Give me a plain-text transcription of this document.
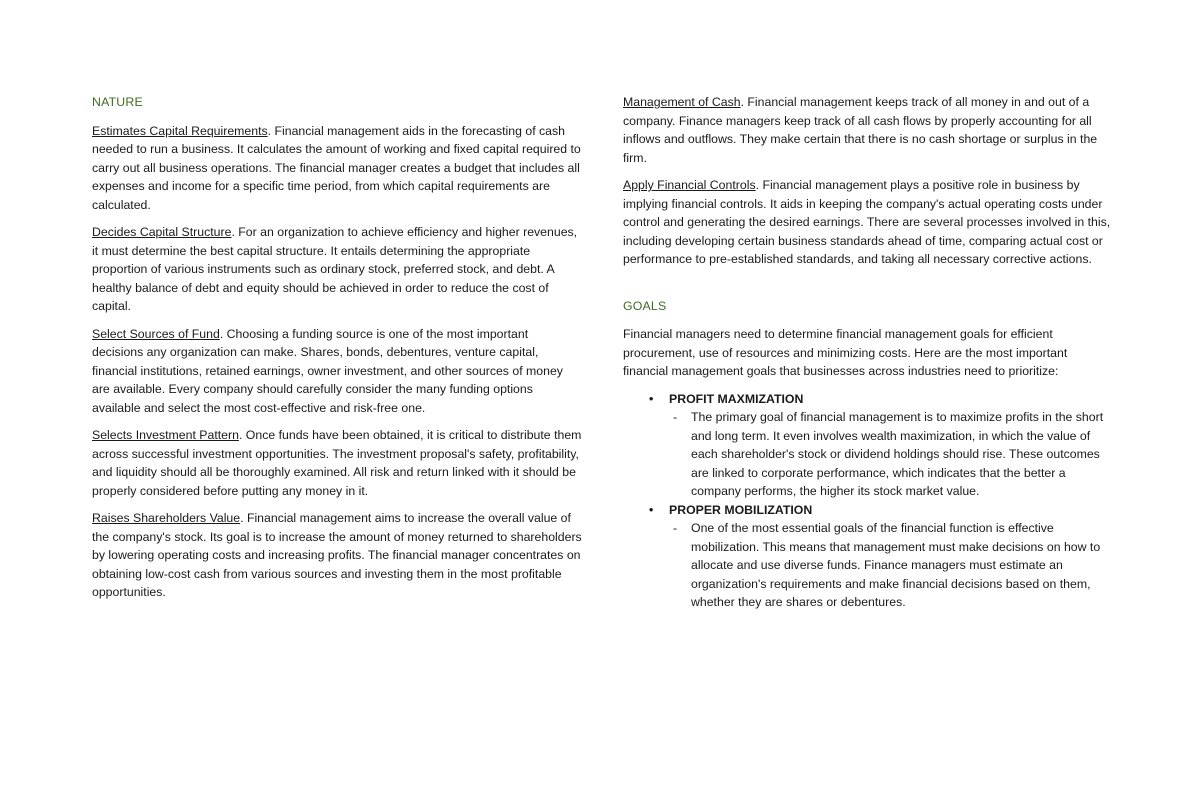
NATURE

Estimates Capital Requirements. Financial management aids in the forecasting of cash needed to run a business. It calculates the amount of working and fixed capital required to carry out all business operations. The financial manager creates a budget that includes all expenses and income for a specific time period, from which capital requirements are calculated.

Decides Capital Structure. For an organization to achieve efficiency and higher revenues, it must determine the best capital structure. It entails determining the appropriate proportion of various instruments such as ordinary stock, preferred stock, and debt. A healthy balance of debt and equity should be achieved in order to reduce the cost of capital.

Select Sources of Fund. Choosing a funding source is one of the most important decisions any organization can make. Shares, bonds, debentures, venture capital, financial institutions, retained earnings, owner investment, and other sources of money are available. Every company should carefully consider the many funding options available and select the most cost-effective and risk-free one.

Selects Investment Pattern. Once funds have been obtained, it is critical to distribute them across successful investment opportunities. The investment proposal's safety, profitability, and liquidity should all be thoroughly examined. All risk and return linked with it should be properly considered before putting any money in it.

Raises Shareholders Value. Financial management aims to increase the overall value of the company's stock. Its goal is to increase the amount of money returned to shareholders by lowering operating costs and increasing profits. The financial manager concentrates on obtaining low-cost cash from various sources and investing them in the most profitable opportunities.

Management of Cash. Financial management keeps track of all money in and out of a company. Finance managers keep track of all cash flows by properly accounting for all inflows and outflows. They make certain that there is no cash shortage or surplus in the firm.

Apply Financial Controls. Financial management plays a positive role in business by implying financial controls. It aids in keeping the company's actual operating costs under control and generating the desired earnings. There are several processes involved in this, including developing certain business standards ahead of time, comparing actual cost or performance to pre-established standards, and taking all necessary corrective actions.

GOALS

Financial managers need to determine financial management goals for efficient procurement, use of resources and minimizing costs. Here are the most important financial management goals that businesses across industries need to prioritize:

• PROFIT MAXMIZATION
- The primary goal of financial management is to maximize profits in the short and long term. It even involves wealth maximization, in which the value of each shareholder's stock or dividend holdings should rise. These outcomes are linked to corporate performance, which indicates that the better a company performs, the higher its stock market value.
• PROPER MOBILIZATION
- One of the most essential goals of the financial function is effective mobilization. This means that management must make decisions on how to allocate and use diverse funds. Finance managers must estimate an organization's requirements and make financial decisions based on them, whether they are shares or debentures.
